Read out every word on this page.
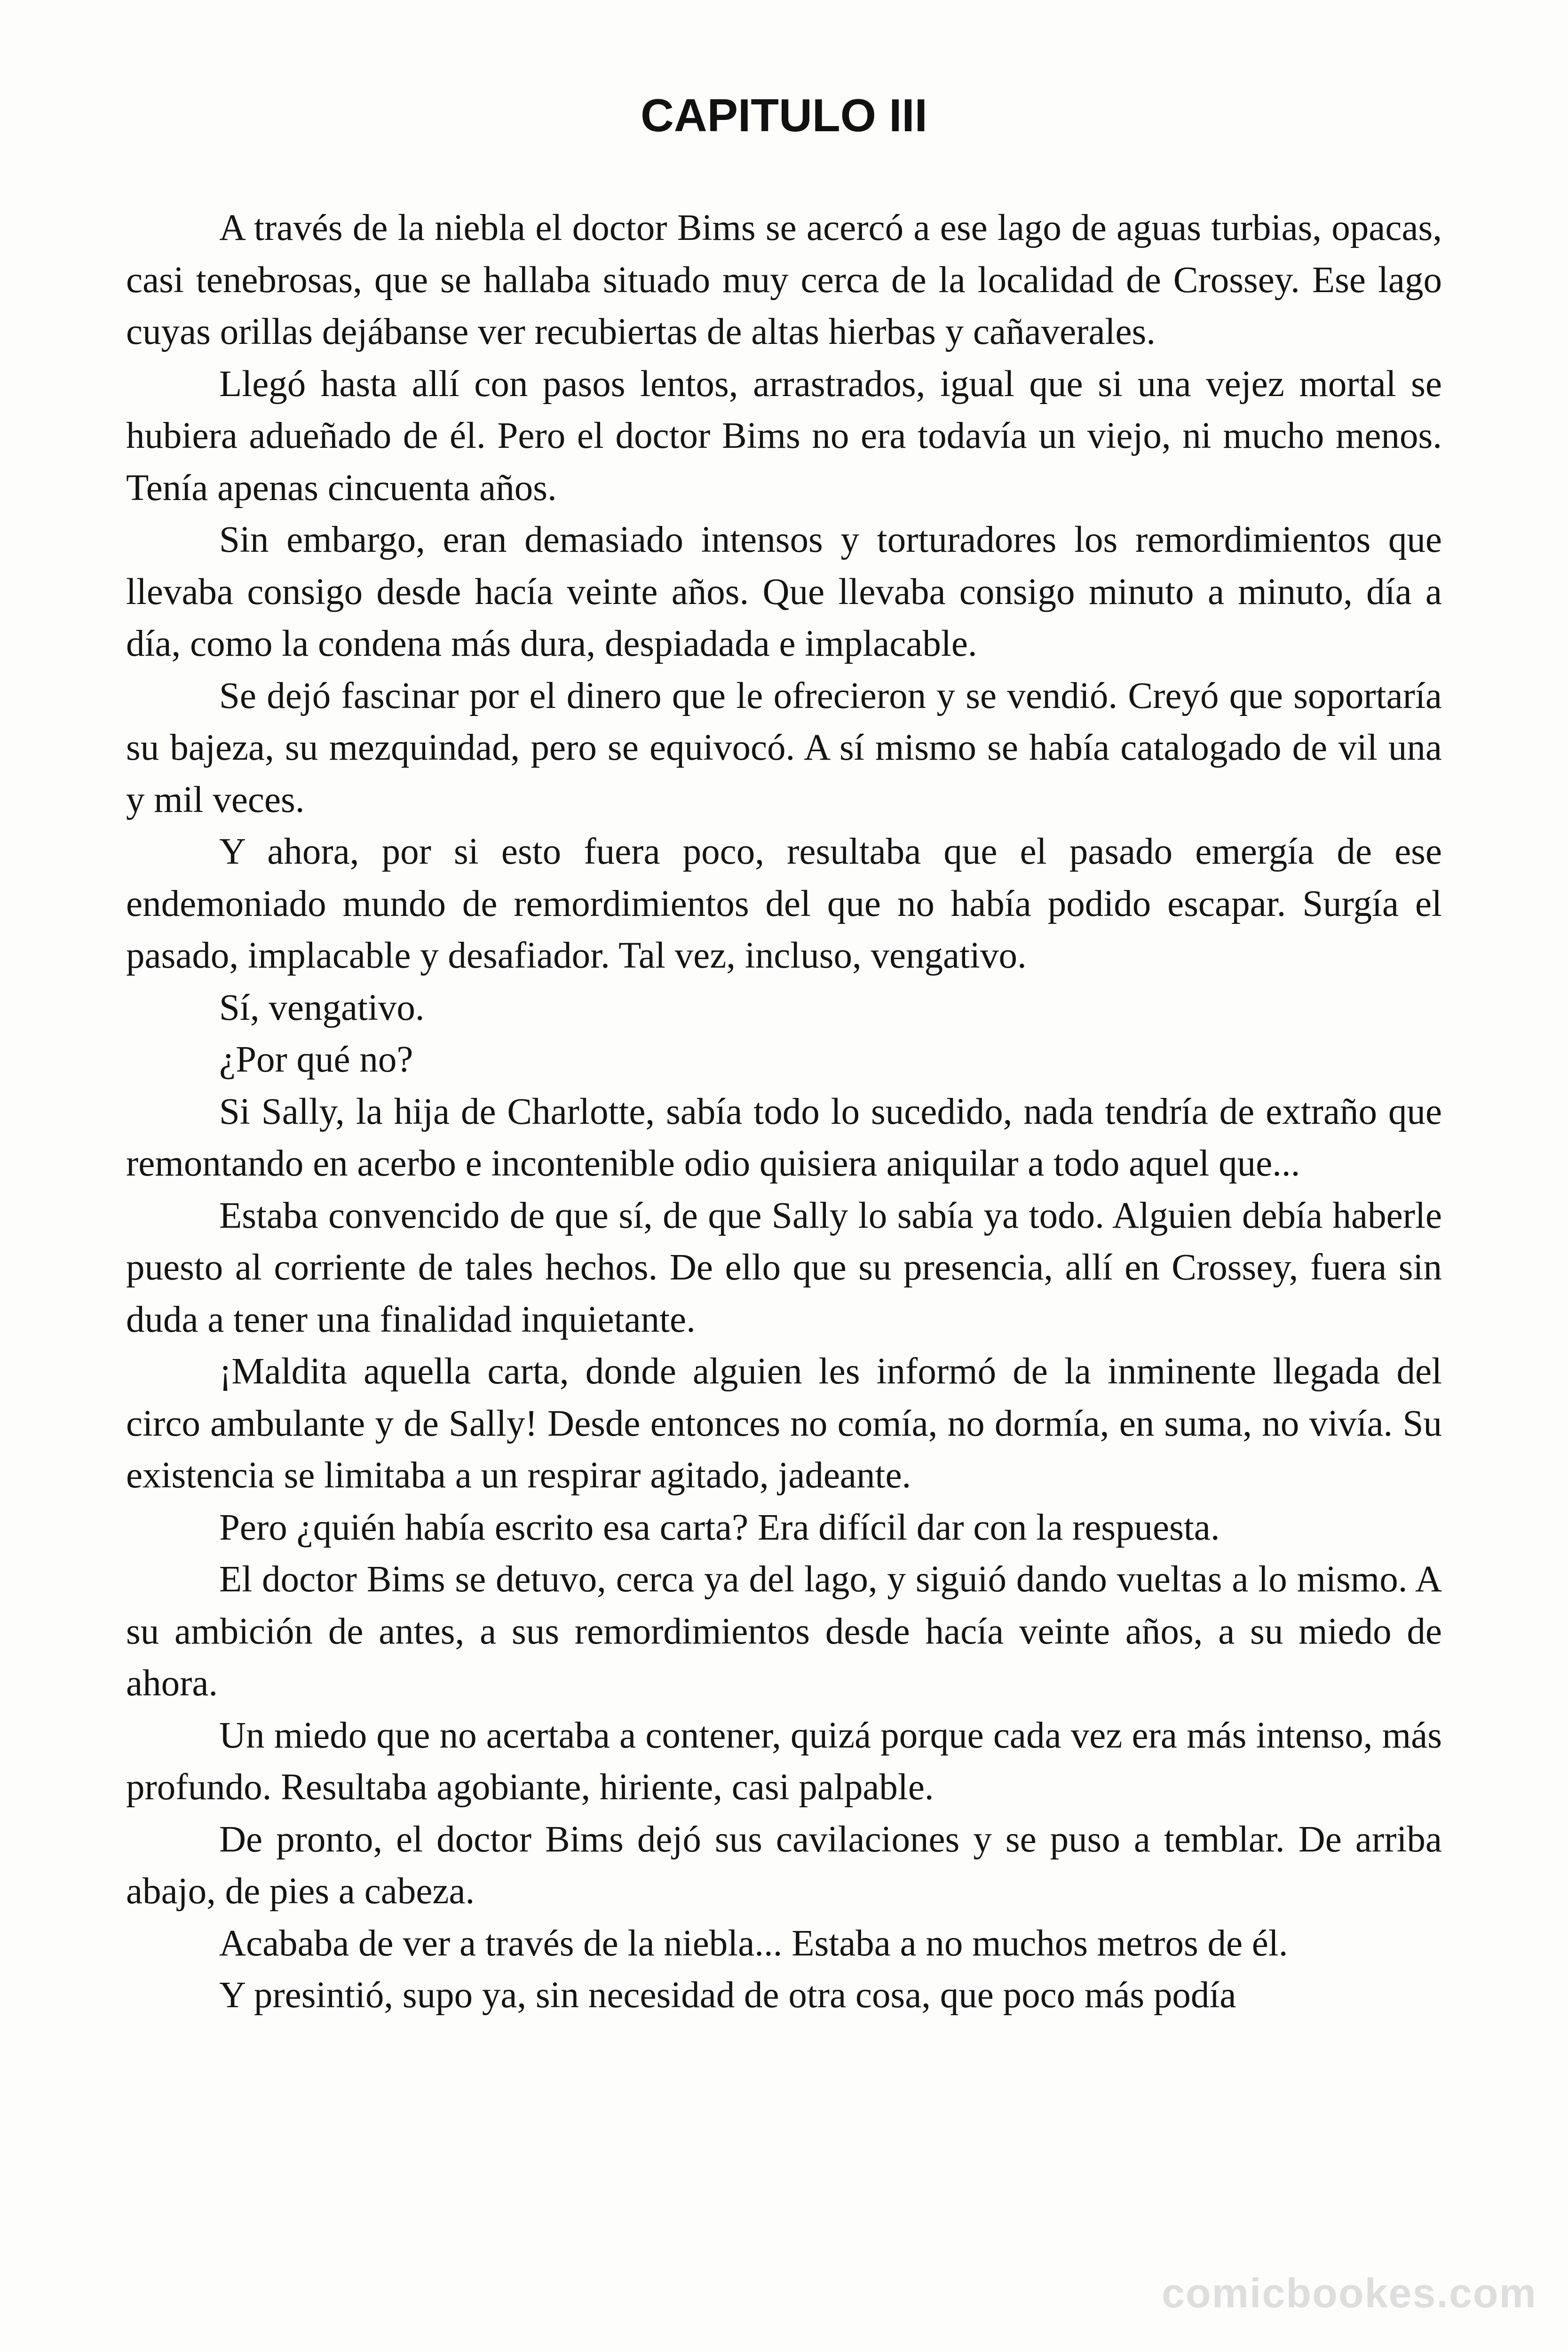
CAPITULO III

A través de la niebla el doctor Bims se acercó a ese lago de aguas turbias, opacas, casi tenebrosas, que se hallaba situado muy cerca de la localidad de Crossey. Ese lago cuyas orillas dejábanse ver recubiertas de altas hierbas y cañaverales.

Llegó hasta allí con pasos lentos, arrastrados, igual que si una vejez mortal se hubiera adueñado de él. Pero el doctor Bims no era todavía un viejo, ni mucho menos. Tenía apenas cincuenta años.

Sin embargo, eran demasiado intensos y torturadores los remordimientos que llevaba consigo desde hacía veinte años. Que llevaba consigo minuto a minuto, día a día, como la condena más dura, despiadada e implacable.

Se dejó fascinar por el dinero que le ofrecieron y se vendió. Creyó que soportaría su bajeza, su mezquindad, pero se equivocó. A sí mismo se había catalogado de vil una y mil veces.

Y ahora, por si esto fuera poco, resultaba que el pasado emergía de ese endemoniado mundo de remordimientos del que no había podido escapar. Surgía el pasado, implacable y desafiador. Tal vez, incluso, vengativo.

Sí, vengativo.

¿Por qué no?

Si Sally, la hija de Charlotte, sabía todo lo sucedido, nada tendría de extraño que remontando en acerbo e incontenible odio quisiera aniquilar a todo aquel que...

Estaba convencido de que sí, de que Sally lo sabía ya todo. Alguien debía haberle puesto al corriente de tales hechos. De ello que su presencia, allí en Crossey, fuera sin duda a tener una finalidad inquietante.

¡Maldita aquella carta, donde alguien les informó de la inminente llegada del circo ambulante y de Sally! Desde entonces no comía, no dormía, en suma, no vivía. Su existencia se limitaba a un respirar agitado, jadeante.

Pero ¿quién había escrito esa carta? Era difícil dar con la respuesta.

El doctor Bims se detuvo, cerca ya del lago, y siguió dando vueltas a lo mismo. A su ambición de antes, a sus remordimientos desde hacía veinte años, a su miedo de ahora.

Un miedo que no acertaba a contener, quizá porque cada vez era más intenso, más profundo. Resultaba agobiante, hiriente, casi palpable.

De pronto, el doctor Bims dejó sus cavilaciones y se puso a temblar. De arriba abajo, de pies a cabeza.

Acababa de ver a través de la niebla... Estaba a no muchos metros de él.

Y presintió, supo ya, sin necesidad de otra cosa, que poco más podía

comicbookes.com
